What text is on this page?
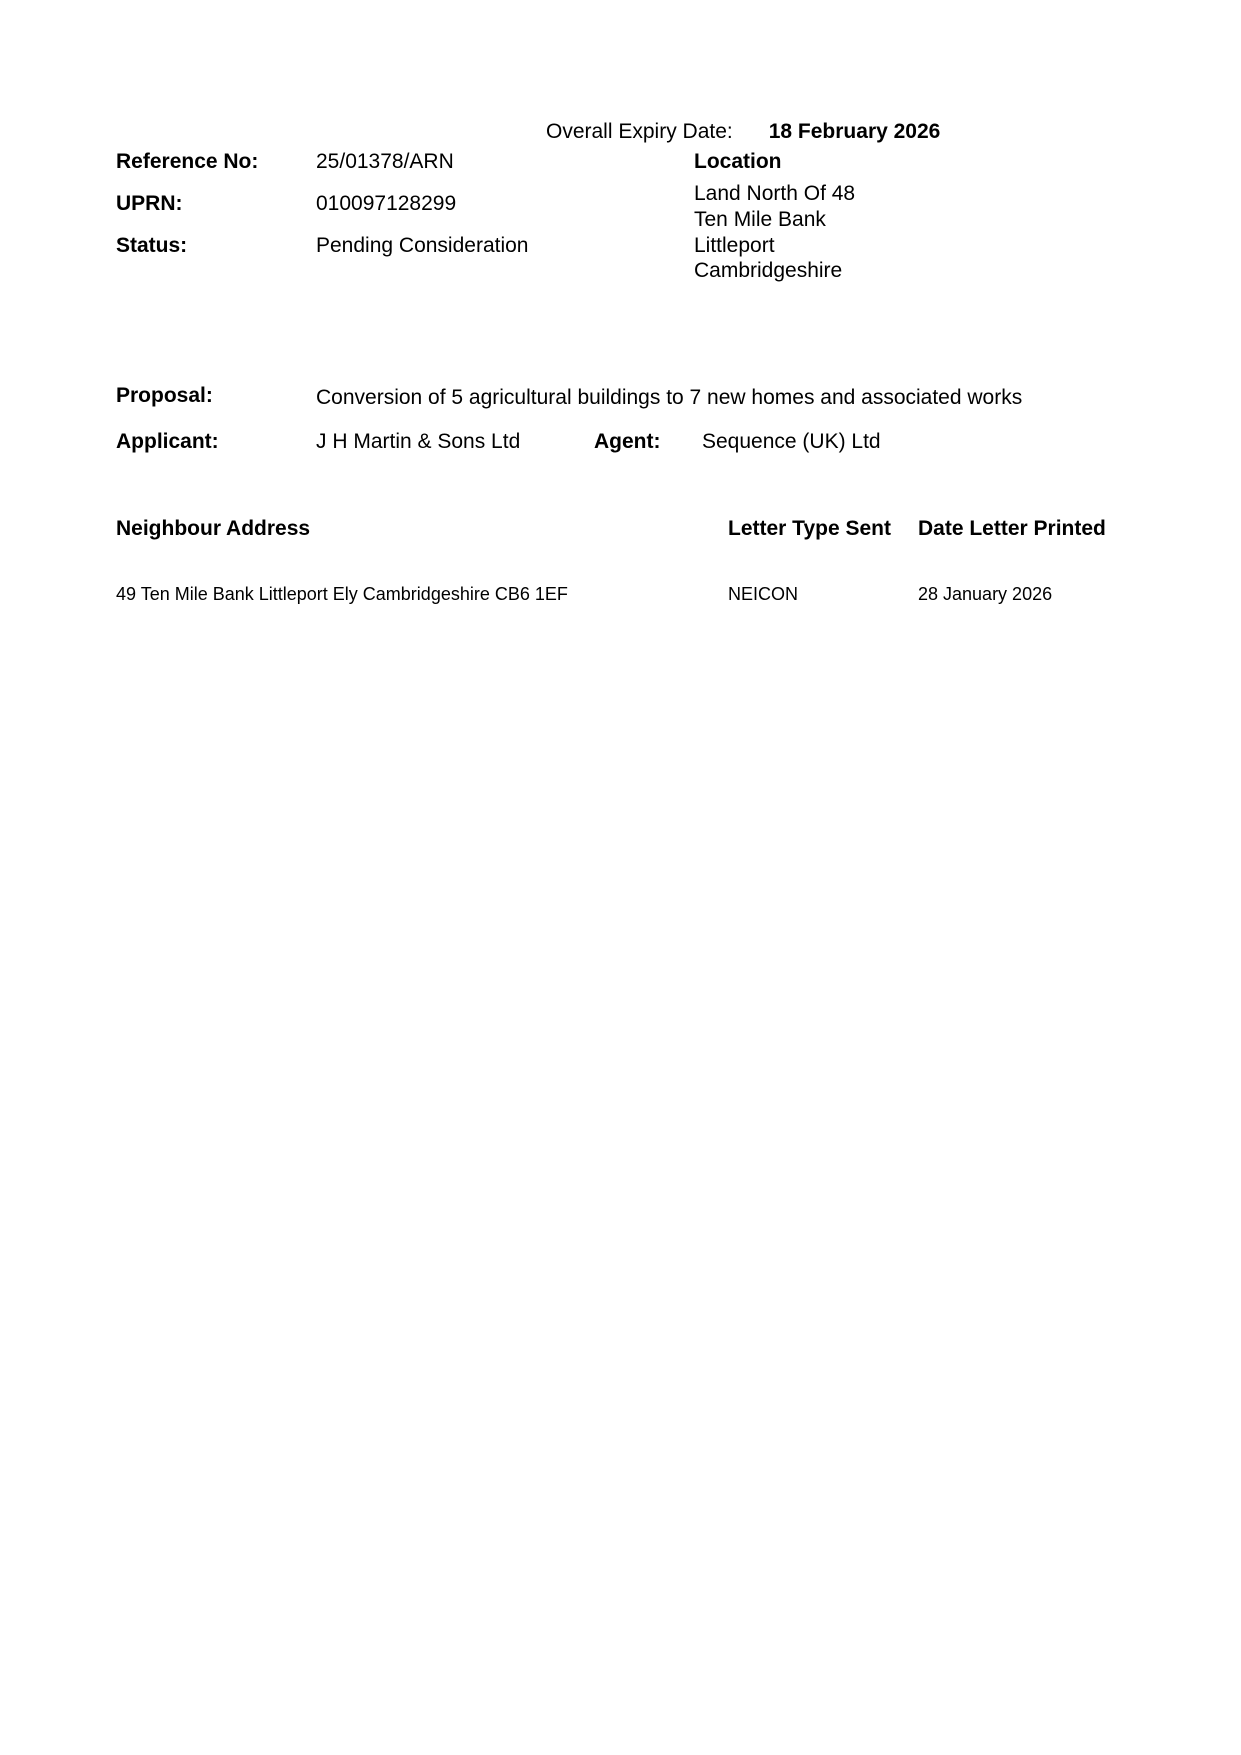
Overall Expiry Date: 18 February 2026
Reference No:	25/01378/ARN
UPRN:	010097128299
Status:	Pending Consideration
Location
Land North Of 48
Ten Mile Bank
Littleport
Cambridgeshire
Proposal:	Conversion of 5 agricultural buildings to 7 new homes and associated works
Applicant:	J H Martin & Sons Ltd	Agent:	Sequence (UK) Ltd
Neighbour Address	Letter Type Sent	Date Letter Printed
49 Ten Mile Bank Littleport Ely Cambridgeshire CB6 1EF	NEICON	28 January 2026
